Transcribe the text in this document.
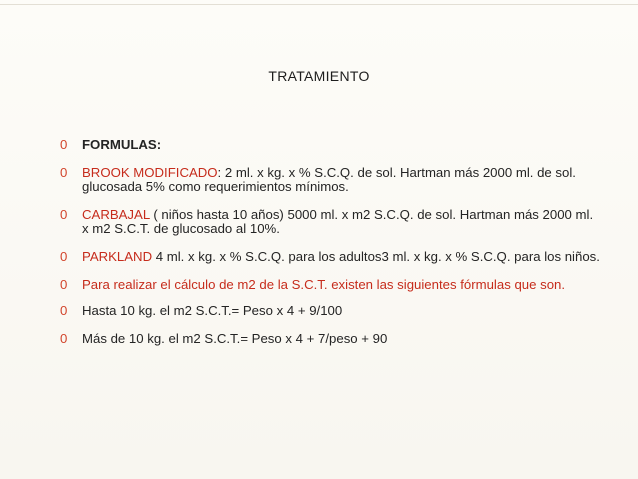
TRATAMIENTO
0 FORMULAS:
0 BROOK MODIFICADO: 2 ml. x kg. x % S.C.Q. de sol. Hartman más 2000 ml. de sol. glucosada 5% como requerimientos mínimos.
0 CARBAJAL ( niños hasta 10 años) 5000 ml. x m2 S.C.Q. de sol. Hartman más 2000 ml. x m2 S.C.T. de glucosado al 10%.
0 PARKLAND 4 ml. x kg. x % S.C.Q. para los adultos3 ml. x kg. x % S.C.Q. para los niños.
0 Para realizar el cálculo de m2 de la S.C.T. existen las siguientes fórmulas que son.
0 Hasta 10 kg. el m2 S.C.T.= Peso x 4 + 9/100
0 Más de 10 kg. el m2 S.C.T.= Peso x 4 + 7/peso + 90
